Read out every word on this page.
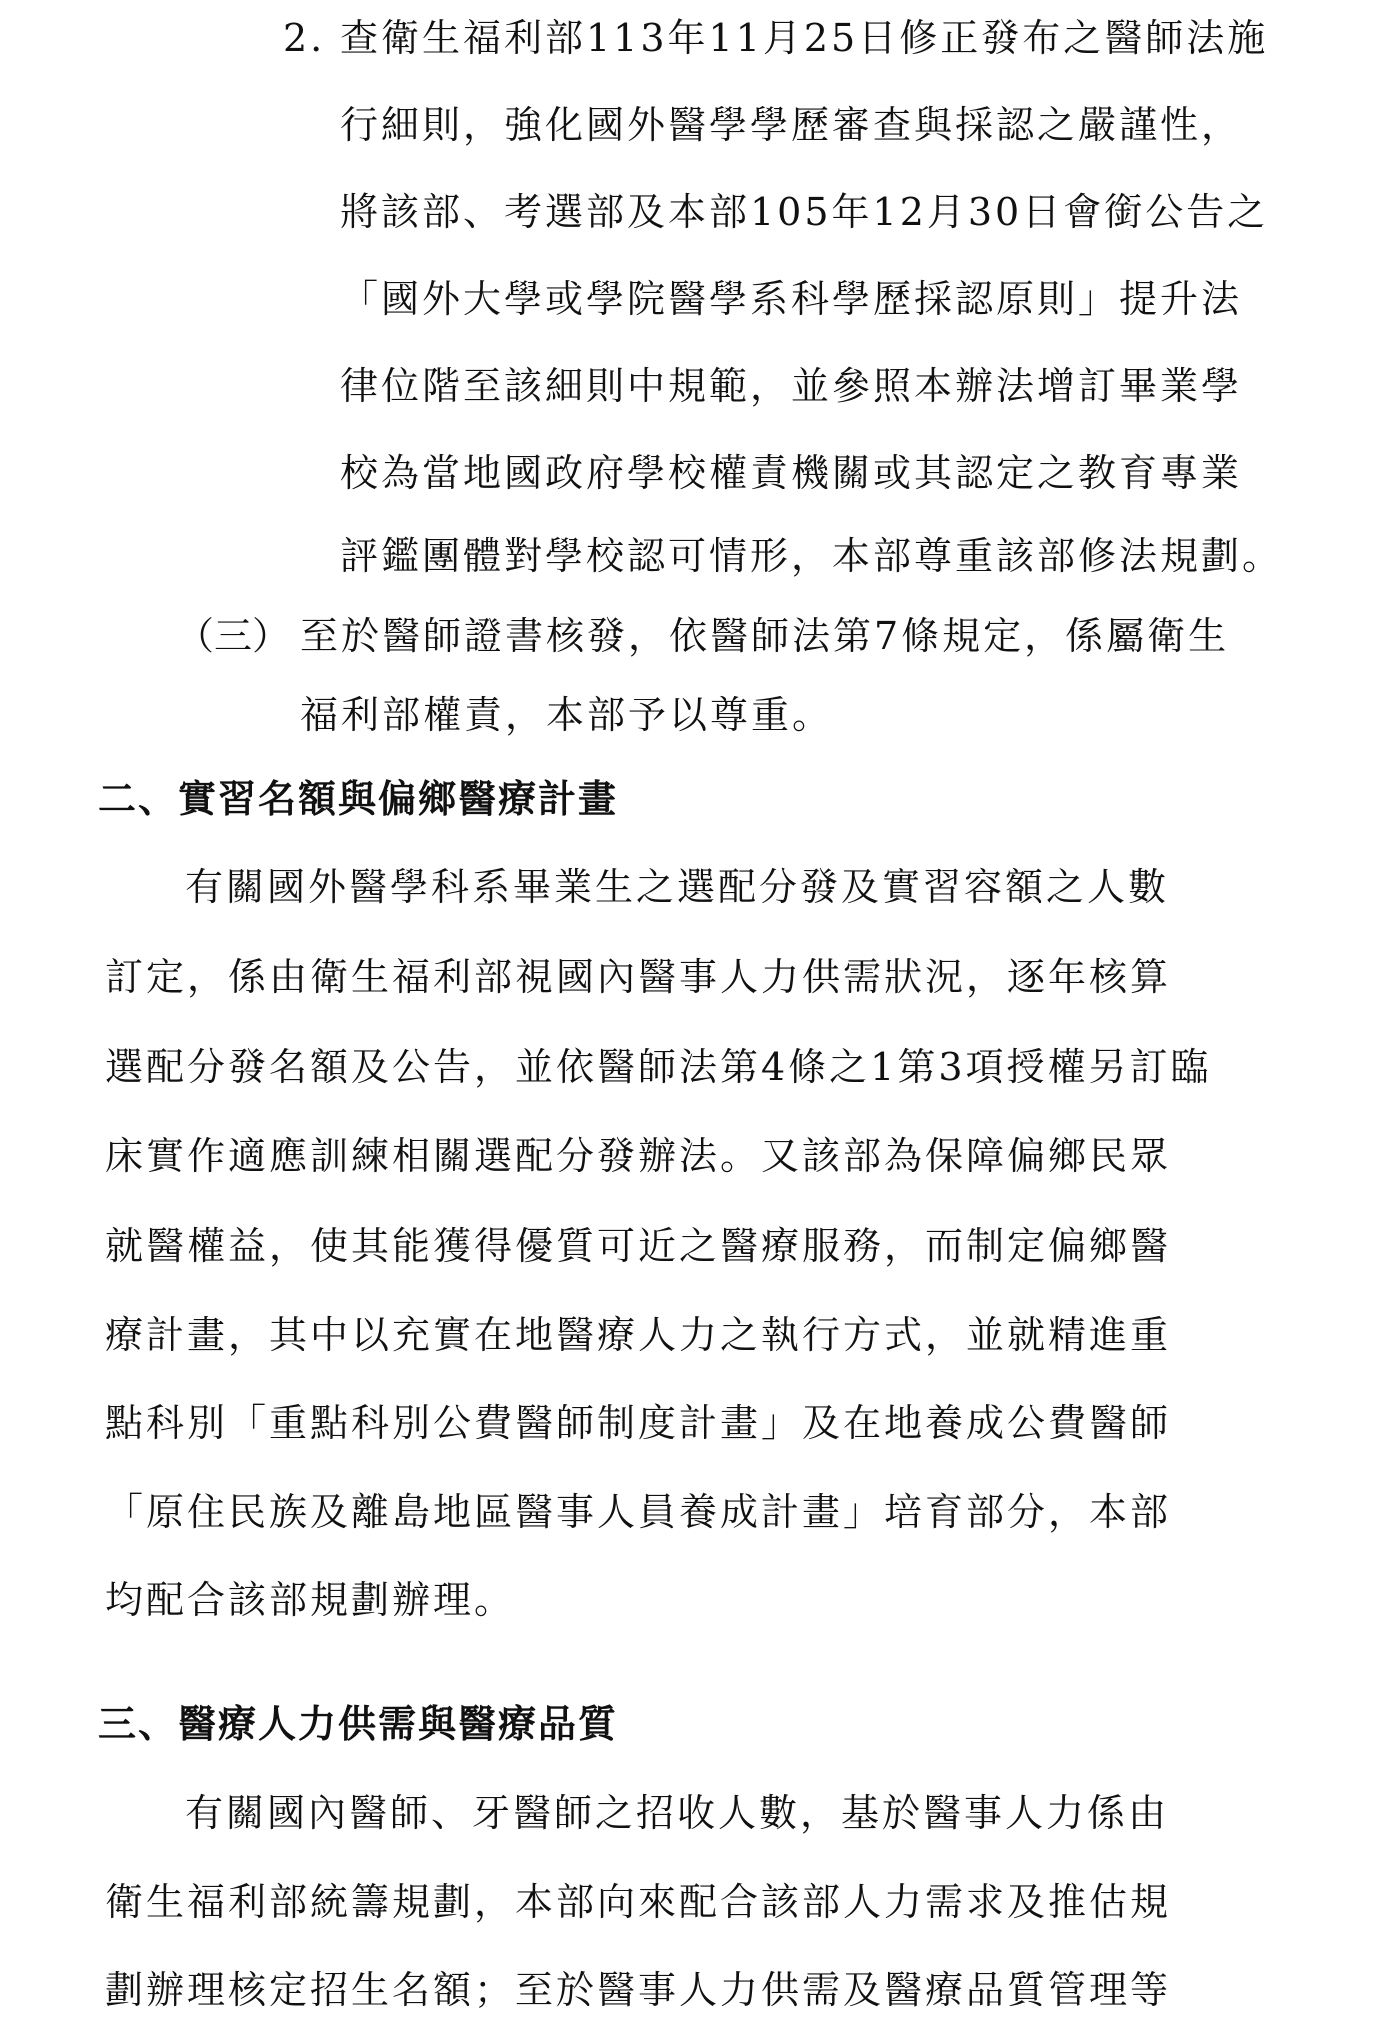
2. 查衛生福利部113年11月25日修正發布之醫師法施
行細則，強化國外醫學學歷審查與採認之嚴謹性，
將該部、考選部及本部105年12月30日會銜公告之
「國外大學或學院醫學系科學歷採認原則」提升法
律位階至該細則中規範，並參照本辦法增訂畢業學
校為當地國政府學校權責機關或其認定之教育專業
評鑑團體對學校認可情形，本部尊重該部修法規劃。
（三） 至於醫師證書核發，依醫師法第7條規定，係屬衛生
福利部權責，本部予以尊重。
二、實習名額與偏鄉醫療計畫
有關國外醫學科系畢業生之選配分發及實習容額之人數
訂定，係由衛生福利部視國內醫事人力供需狀況，逐年核算
選配分發名額及公告，並依醫師法第4條之1第3項授權另訂臨
床實作適應訓練相關選配分發辦法。又該部為保障偏鄉民眾
就醫權益，使其能獲得優質可近之醫療服務，而制定偏鄉醫
療計畫，其中以充實在地醫療人力之執行方式，並就精進重
點科別「重點科別公費醫師制度計畫」及在地養成公費醫師
「原住民族及離島地區醫事人員養成計畫」培育部分，本部
均配合該部規劃辦理。
三、醫療人力供需與醫療品質
有關國內醫師、牙醫師之招收人數，基於醫事人力係由
衛生福利部統籌規劃，本部向來配合該部人力需求及推估規
劃辦理核定招生名額；至於醫事人力供需及醫療品質管理等
